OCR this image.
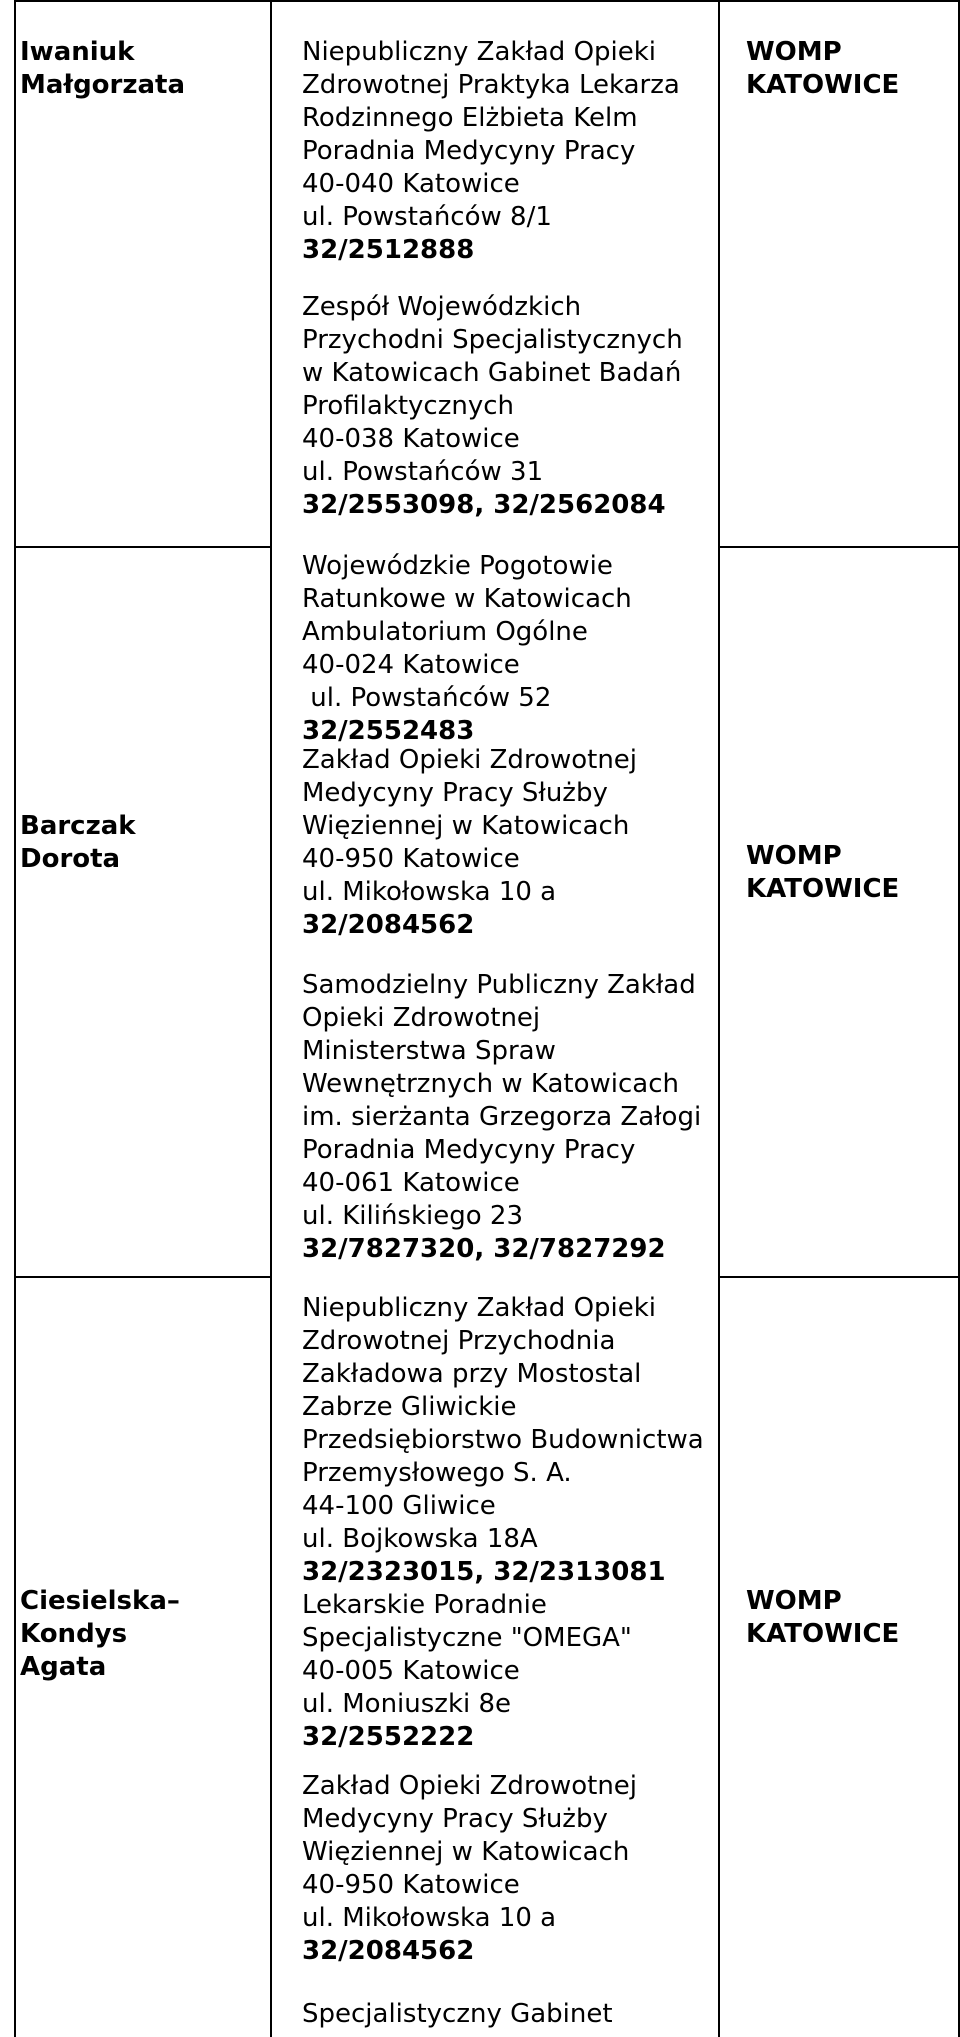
Iwaniuk
Małgorzata
WOMP
KATOWICE
Niepubliczny Zakład Opieki
Zdrowotnej Praktyka Lekarza
Rodzinnego Elżbieta Kelm
Poradnia Medycyny Pracy
40-040 Katowice
ul. Powstańców 8/1
32/2512888
Zespół Wojewódzkich
Przychodni Specjalistycznych
w Katowicach Gabinet Badań
Profilaktycznych
40-038 Katowice
ul. Powstańców 31
32/2553098, 32/2562084
Wojewódzkie Pogotowie
Ratunkowe w Katowicach
Ambulatorium Ogólne
40-024 Katowice
ul. Powstańców 52
32/2552483
Barczak
Dorota	WOMP
KATOWICE
Zakład Opieki Zdrowotnej
Medycyny Pracy Służby
Więziennej w Katowicach
40-950 Katowice
ul. Mikołowska 10 a
32/2084562
Samodzielny Publiczny Zakład
Opieki Zdrowotnej
Ministerstwa Spraw
Wewnętrznych w Katowicach
im. sierżanta Grzegorza Załogi
Poradnia Medycyny Pracy
40-061 Katowice
ul. Kilińskiego 23
32/7827320, 32/7827292
Ciesielska–
Kondys
Agata
WOMP
KATOWICE
Niepubliczny Zakład Opieki
Zdrowotnej Przychodnia
Zakładowa przy Mostostal
Zabrze Gliwickie
Przedsiębiorstwo Budownictwa
Przemysłowego S. A.
44-100 Gliwice
ul. Bojkowska 18A
32/2323015, 32/2313081
Lekarskie Poradnie
Specjalistyczne "OMEGA"
40-005 Katowice
ul. Moniuszki 8e
32/2552222
Zakład Opieki Zdrowotnej
Medycyny Pracy Służby
Więziennej w Katowicach
40-950 Katowice
ul. Mikołowska 10 a
32/2084562
Specjalistyczny Gabinet
